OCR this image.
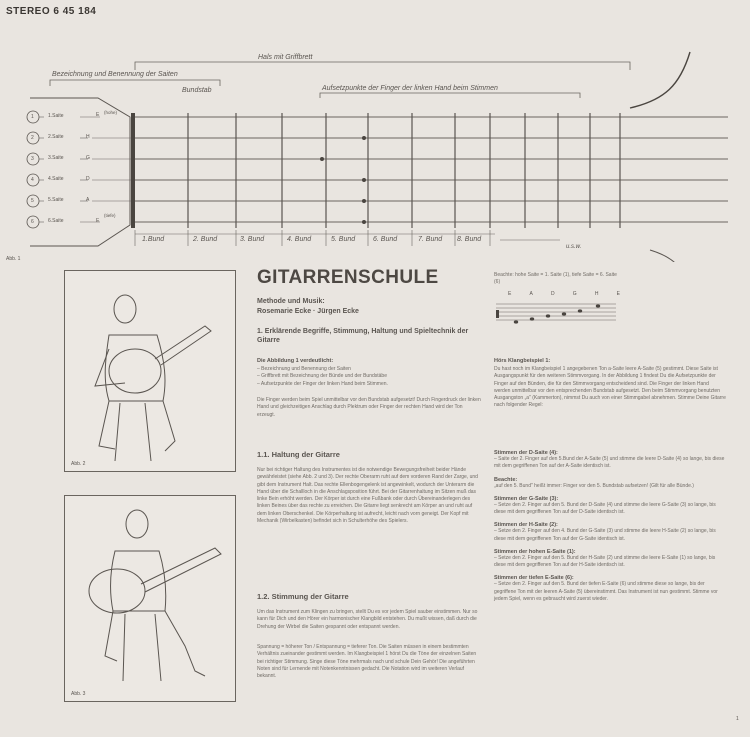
STEREO 6 45 184
Hals mit Griffbrett
Bezeichnung und Benennung der Saiten
Bundstab	Aufsetzpunkte der Finger der linken Hand beim Stimmen
1
2
3
4
5
6
1.Saite
2.Saite
3.Saite
4.Saite
5.Saite
6.Saite
E
H
G
D
A
E
(hohe)
(tiefe)
1.Bund	2. Bund	3. Bund	4. Bund	5. Bund	6. Bund	7. Bund 8. Bund
u.s.w.
Abb. 1
Abb. 2
Abb. 3
GITARRENSCHULE
Methode und Musik:
Rosemarie Ecke · Jürgen Ecke
1. Erklärende Begriffe, Stimmung, Haltung und Spieltechnik der Gitarre
Die Abbildung 1 verdeutlicht:
– Bezeichnung und Benennung der Saiten
– Griffbrett mit Bezeichnung der Bünde und der Bundstäbe
– Aufsetzpunkte der Finger der linken Hand beim Stimmen.
Die Finger werden beim Spiel unmittelbar vor den Bundstab aufgesetzt! Durch Fingerdruck der linken Hand und gleichzeitigen Anschlag durch Plektrum oder Finger der rechten Hand wird der Ton erzeugt.
1.1. Haltung der Gitarre
Nur bei richtiger Haltung des Instrumentes ist die notwendige Bewegungsfreiheit beider Hände gewährleistet (siehe Abb. 2 und 3). Der rechte Oberarm ruht auf dem vorderen Rand der Zarge, und gibt dem Instrument Halt. Das rechte Ellenbogengelenk ist angewinkelt, wodurch der Unterarm die Hand über die Schallloch in die Anschlagsposition führt. Bei der Gitarrenhaltung im Sitzen muß das linke Bein erhöht werden. Der Körper ist durch eine Fußbank oder durch Übereinanderlegen des linken Beines über das rechte zu erreichen. Die Gitarre liegt senkrecht am Körper an und ruht auf dem linken Oberschenkel. Die Körperhaltung ist aufrecht, leicht nach vorn geneigt. Der Kopf mit Mechanik (Wirbelkasten) befindet sich in Schulterhöhe des Spielers.
1.2. Stimmung der Gitarre
Um das Instrument zum Klingen zu bringen, stellt Du es vor jedem Spiel sauber einstimmen. Nur so kann für Dich und den Hörer ein harmonischer Klangbild entstehen. Du mußt wissen, daß durch die Drehung der Wirbel die Saiten gespannt oder entspannt werden.
Spannung = höherer Ton / Entspannung = tieferer Ton. Die Saiten müssen in einem bestimmten Verhältnis zueinander gestimmt werden. Im Klangbeispiel 1 hörst Du die Töne der einzelnen Saiten bei richtiger Stimmung. Singe diese Töne mehrmals nach und schule Dein Gehör! Die angeführten Noten sind für Lernende mit Notenkenntnissen gedacht. Die Notation wird im weiteren Verlauf bekannt.
Beachte: hohe Saite = 1. Saite (1), tiefe Saite = 6. Saite (6)
E	A	D	G	H	E
Hörs Klangbeispiel 1:
Du hast noch im Klangbeispiel 1 angegebenen Ton a-Saite leere A-Saite (5) gestimmt. Diese Saite ist Ausgangspunkt für den weiteren Stimmvorgang. In der Abbildung 1 findest Du die Aufsetzpunkte der Finger auf den Bünden, die für den Stimmvorgang entscheidend sind. Die Finger der linken Hand werden unmittelbar vor den entsprechenden Bundstab aufgesetzt. Den beim Stimmvorgang benutzten Ausgangston „a" (Kammerton), nimmst Du auch von einer Stimmgabel abnehmen. Stimme Deine Gitarre nach folgender Regel:
Stimmen der D-Saite (4):
– Saite der 2. Finger auf den 5.Bund der A-Saite (5) und stimme die leere D-Saite (4) so lange, bis diese mit dem gegriffenen Ton auf der A-Saite identisch ist.
Beachte:
„auf den 5. Bund" heißt immer: Finger vor den 5. Bundstab aufsetzen! (Gilt für alle Bünde.)
Stimmen der G-Saite (3):
– Setze den 2. Finger auf den 5. Bund der D-Saite (4) und stimme die leere G-Saite (3) so lange, bis diese mit dem gegriffenen Ton auf der D-Saite identisch ist.
Stimmen der H-Saite (2):
– Setze den 2. Finger auf den 4. Bund der G-Saite (3) und stimme die leere H-Saite (2) so lange, bis diese mit dem gegriffenen Ton auf der G-Saite identisch ist.
Stimmen der hohen E-Saite (1):
– Setze den 2. Finger auf den 5. Bund der H-Saite (2) und stimme die leere E-Saite (1) so lange, bis diese mit dem gegriffenen Ton auf der H-Saite identisch ist.
Stimmen der tiefen E-Saite (6):
– Setze den 2. Finger auf den 5. Bund der tiefen E-Saite (6) und stimme diese so lange, bis der gegriffene Ton mit der leeren A-Saite (5) übereinstimmt. Das Instrument ist nun gestimmt. Stimme vor jedem Spiel, wenn es gebraucht wird zuerst wieder.
1
